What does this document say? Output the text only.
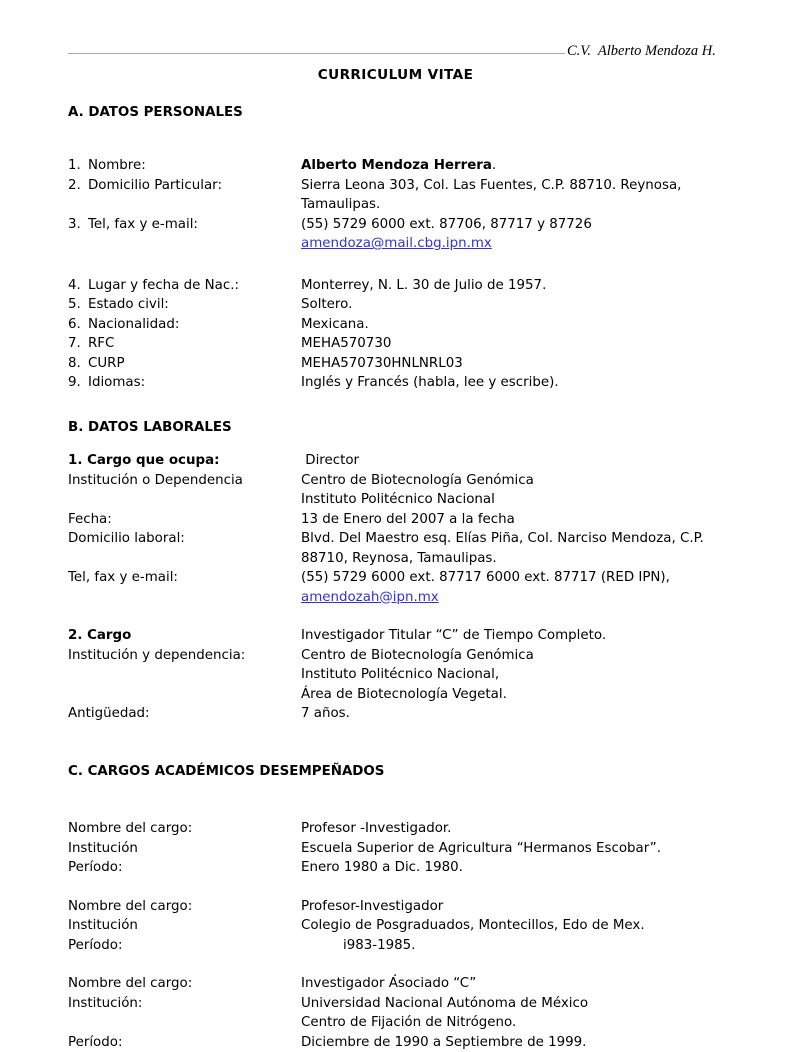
C.V.  Alberto Mendoza H.
CURRICULUM VITAE
A. DATOS PERSONALES
1. Nombre:	Alberto Mendoza Herrera.
2. Domicilio Particular:	Sierra Leona 303, Col. Las Fuentes, C.P. 88710. Reynosa,
Tamaulipas.
3. Tel, fax y e-mail:	(55) 5729 6000 ext. 87706, 87717 y 87726
amendoza@mail.cbg.ipn.mx
4. Lugar y fecha de Nac.:	Monterrey, N. L. 30 de Julio de 1957.
5. Estado civil:	Soltero.
6. Nacionalidad:	Mexicana.
7. RFC	MEHA570730
8. CURP	MEHA570730HNLNRL03
9. Idiomas:	Inglés y Francés (habla, lee y escribe).
B. DATOS LABORALES
1. Cargo que ocupa:	Director
Institución o Dependencia	Centro de Biotecnología Genómica
Instituto Politécnico Nacional
Fecha:	13 de Enero del 2007 a la fecha
Domicilio laboral:	Blvd. Del Maestro esq. Elías Piña, Col. Narciso Mendoza, C.P.
88710, Reynosa, Tamaulipas.
Tel, fax y e-mail:	(55) 5729 6000 ext. 87717 6000 ext. 87717 (RED IPN),
amendozah@ipn.mx
2. Cargo	Investigador Titular “C” de Tiempo Completo.
Institución y dependencia:	Centro de Biotecnología Genómica
Instituto Politécnico Nacional,
Área de Biotecnología Vegetal.
Antigüedad:	7 años.
C. CARGOS ACADÉMICOS DESEMPEÑADOS
Nombre del cargo:	Profesor -Investigador.
Institución	Escuela Superior de Agricultura “Hermanos Escobar”.
Período:	Enero 1980 a Dic. 1980.
Nombre del cargo:	Profesor-Investigador
Institución	Colegio de Posgraduados, Montecillos, Edo de Mex.
Período:	i983-1985.
Nombre del cargo:	Investigador Asociado “C”
Institución:	Universidad Nacional Autónoma de México
Centro de Fijación de Nitrógeno.
Período:	Diciembre de 1990 a Septiembre de 1999.
.
